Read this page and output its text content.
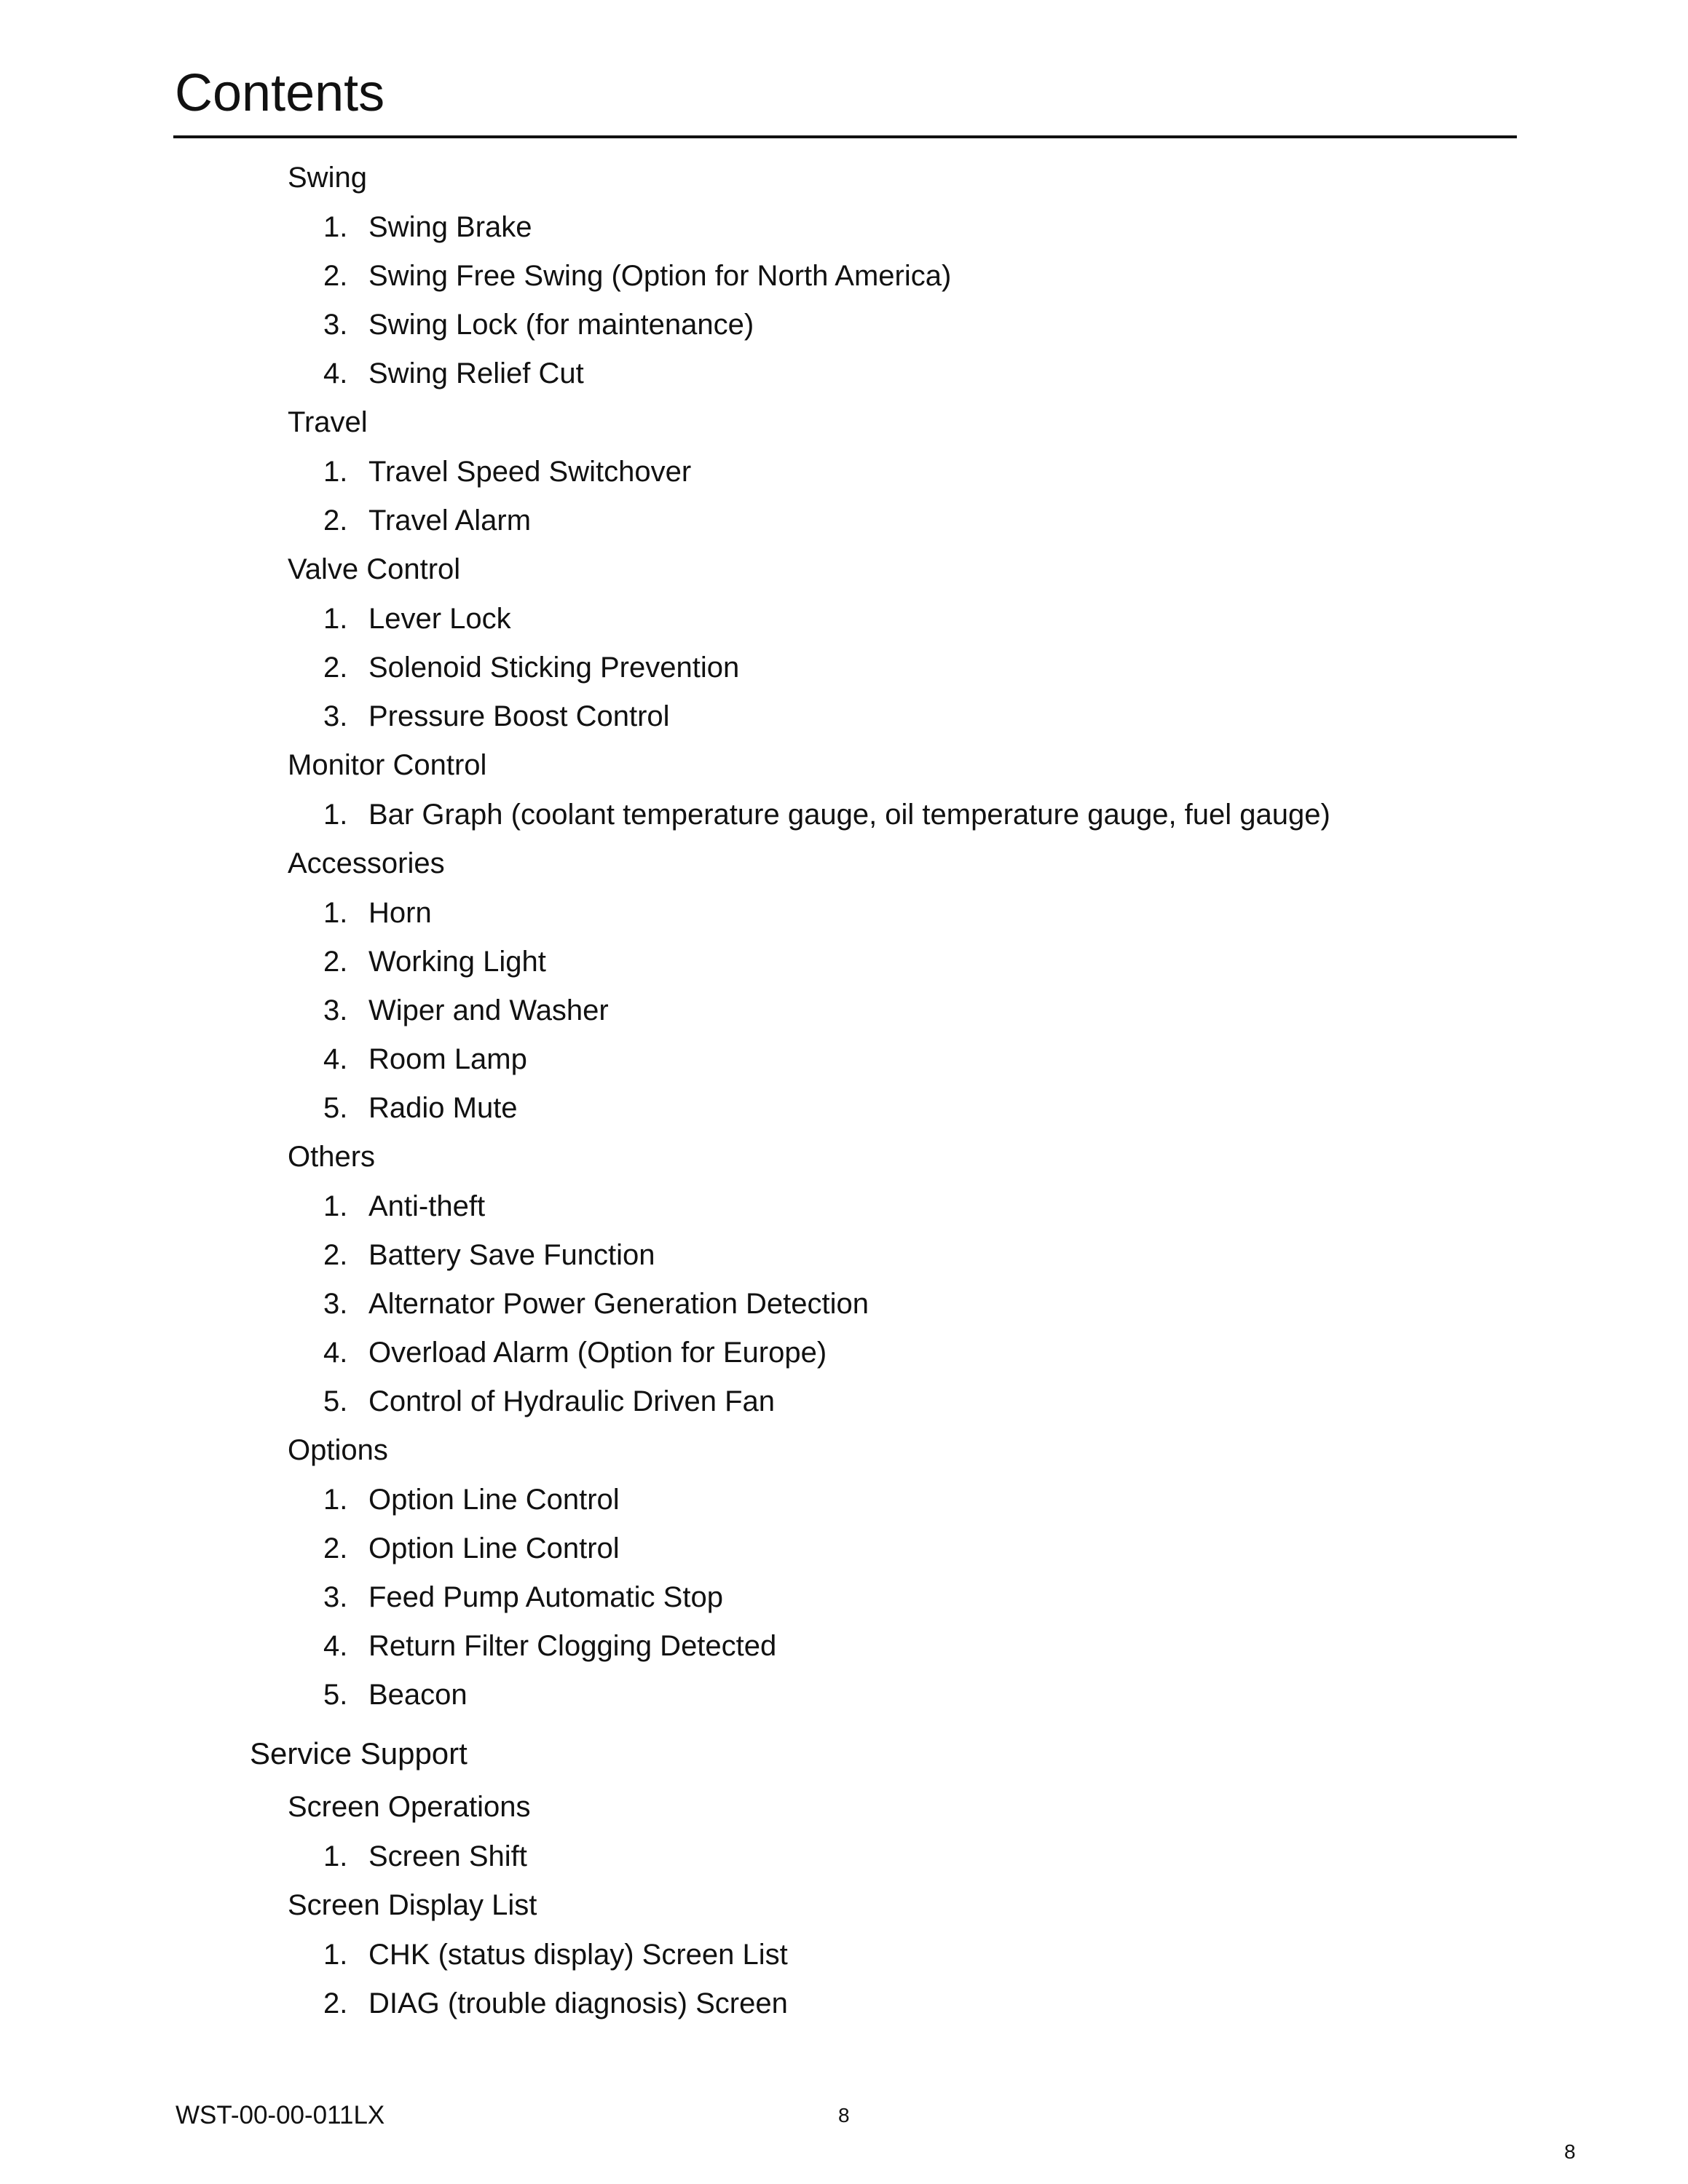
Contents
Swing
1. Swing Brake
2. Swing Free Swing (Option for North America)
3. Swing Lock (for maintenance)
4. Swing Relief Cut
Travel
1. Travel Speed Switchover
2. Travel Alarm
Valve Control
1. Lever Lock
2. Solenoid Sticking Prevention
3. Pressure Boost Control
Monitor Control
1. Bar Graph (coolant temperature gauge, oil temperature gauge, fuel gauge)
Accessories
1. Horn
2. Working Light
3. Wiper and Washer
4. Room Lamp
5. Radio Mute
Others
1. Anti-theft
2. Battery Save Function
3. Alternator Power Generation Detection
4. Overload Alarm (Option for Europe)
5. Control of Hydraulic Driven Fan
Options
1. Option Line Control
2. Option Line Control
3. Feed Pump Automatic Stop
4. Return Filter Clogging Detected
5. Beacon
Service Support
Screen Operations
1. Screen Shift
Screen Display List
1. CHK (status display) Screen List
2. DIAG (trouble diagnosis) Screen
WST-00-00-011LX	8
8
